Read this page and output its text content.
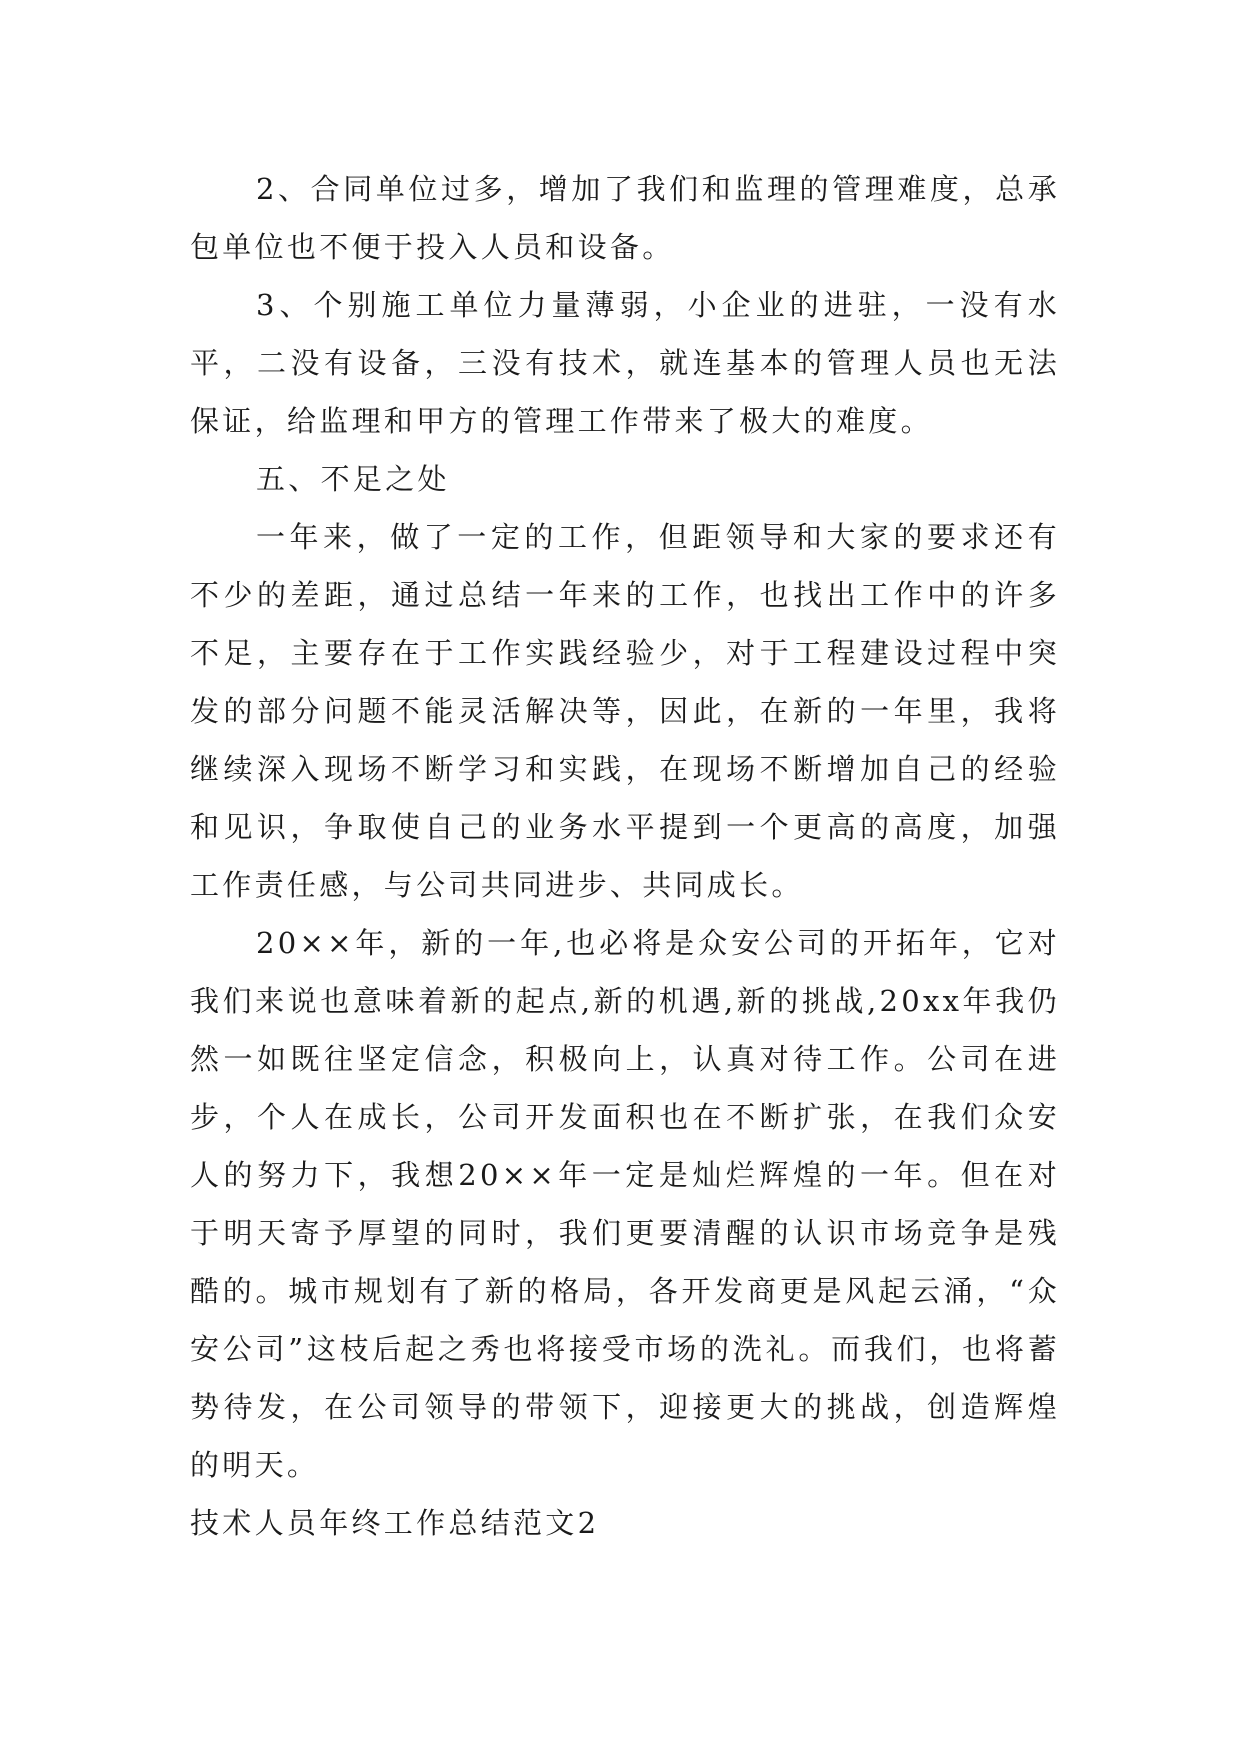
2、合同单位过多，增加了我们和监理的管理难度，总承包单位也不便于投入人员和设备。

3、个别施工单位力量薄弱，小企业的进驻，一没有水平，二没有设备，三没有技术，就连基本的管理人员也无法保证，给监理和甲方的管理工作带来了极大的难度。

五、不足之处

一年来，做了一定的工作，但距领导和大家的要求还有不少的差距，通过总结一年来的工作，也找出工作中的许多不足，主要存在于工作实践经验少，对于工程建设过程中突发的部分问题不能灵活解决等，因此，在新的一年里，我将继续深入现场不断学习和实践，在现场不断增加自己的经验和见识，争取使自己的业务水平提到一个更高的高度，加强工作责任感，与公司共同进步、共同成长。

20××年，新的一年,也必将是众安公司的开拓年，它对我们来说也意味着新的起点,新的机遇,新的挑战,20xx年我仍然一如既往坚定信念，积极向上，认真对待工作。公司在进步，个人在成长，公司开发面积也在不断扩张，在我们众安人的努力下，我想20××年一定是灿烂辉煌的一年。但在对于明天寄予厚望的同时，我们更要清醒的认识市场竞争是残酷的。城市规划有了新的格局，各开发商更是风起云涌，“众安公司”这枝后起之秀也将接受市场的洗礼。而我们，也将蓄势待发，在公司领导的带领下，迎接更大的挑战，创造辉煌的明天。

技术人员年终工作总结范文2
